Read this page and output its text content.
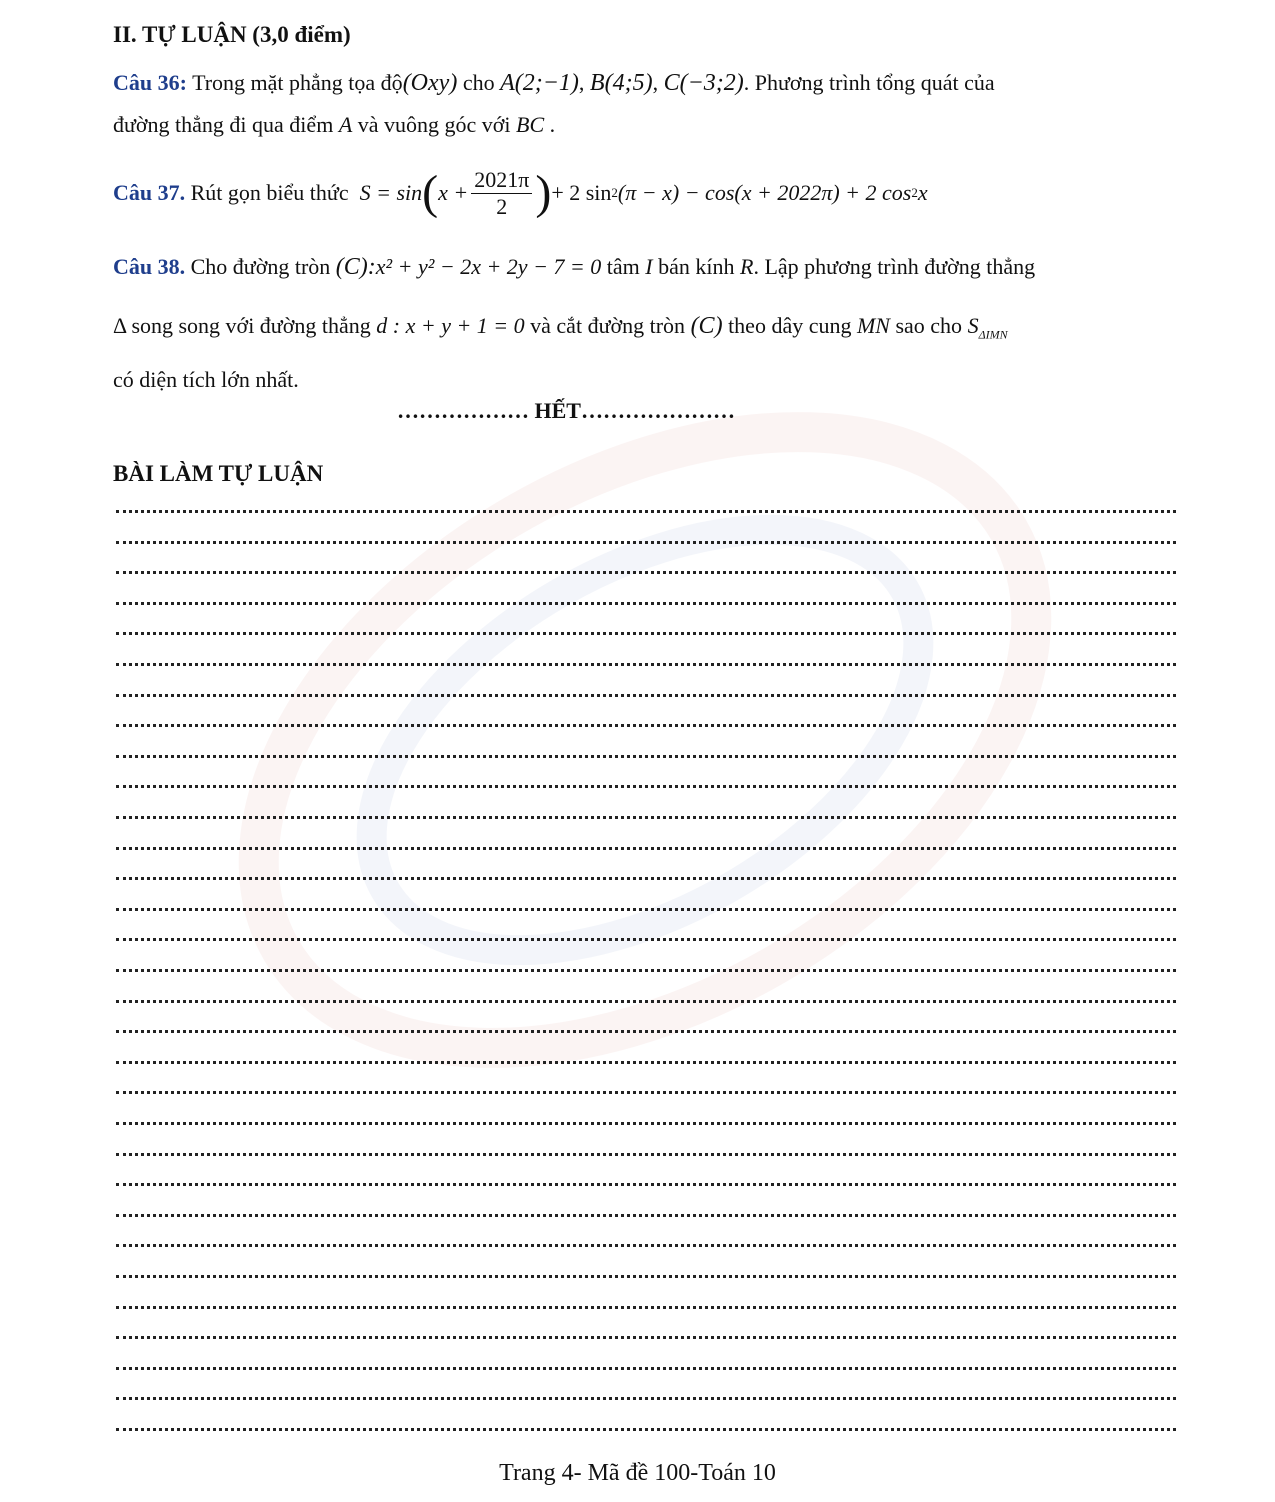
II. TỰ LUẬN (3,0 điểm)
Câu 36: Trong mặt phẳng tọa độ(Oxy) cho A(2;−1), B(4;5), C(−3;2). Phương trình tổng quát của
đường thẳng đi qua điểm A và vuông góc với BC .
Câu 37.
Rút gọn biểu thức
S = sin ( $x + \frac{2021\pi}{2}$ ) + 2 sin 2 (π − x) − cos(x + 2022π) + 2 cos 2 x
Câu 38. Cho đường tròn (C):x² + y² − 2x + 2y − 7 = 0 tâm I bán kính R. Lập phương trình đường thẳng
Δ song song với đường thẳng d : x + y + 1 = 0 và cắt đường tròn (C) theo dây cung MN sao cho $S_{\Delta IMN}$
có diện tích lớn nhất.
……………… HẾT…………………
BÀI LÀM TỰ LUẬN
Trang 4- Mã đề 100-Toán 10
